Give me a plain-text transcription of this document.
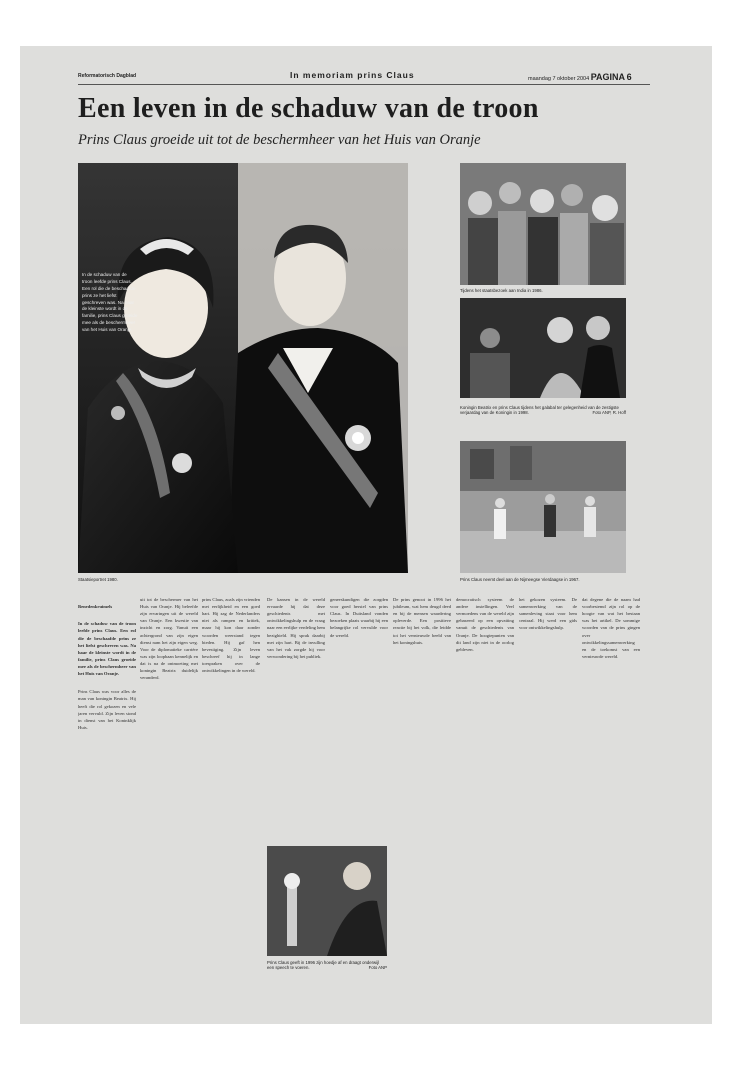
Reformatorisch Dagblad	In memoriam prins Claus	maandag 7 oktober 2004 PAGINA 6
Een leven in de schaduw van de troon
Prins Claus groeide uit tot de beschermheer van het Huis van Oranje
In de schaduw van de troon leefde prins Claus. Een rol die de beschaafde prins ze het liefst geschreven was. Na haar de kleinste wordt in de familie, prins Claus groeide mee als de beschermheer van het Huis van Oranje.
Staatsieportret 1980.
Tijdens het staatsbezoek aan India in 1986.
Koningin Beatrix en prins Claus tijdens het galabal ter gelegenheid van de zestigste verjaardag van de Koningin in 1998.	Foto ANP, R. Hoff
Prins Claus neemt deel aan de Nijmeegse Vierdaagse in 1967.
Prins Claus geeft in 1996 zijn hoedje af en draagt onderwijl een speech te voeren.	Foto ANP

Benedenkruimels

In de schaduw van de troon leefde prins Claus. Een rol die de beschaafde prins ze het liefst geschreven was. Na haar de kleinste wordt in de familie, prins Claus groeide mee als de beschermheer van het Huis van Oranje.

Prins Claus was voor alles de man van koningin Beatrix. Hij heeft die rol gekozen en vele jaren vervuld. Zijn leven stond in dienst van het Koninklijk Huis.

uit tot de beschermer van het Huis van Oranje. Hij beleefde zijn ervaringen uit de wereld van Oranje. Een kwestie van inzicht en zorg. Vanuit een achtergrond van zijn eigen dienst nam het zijn eigen weg. Voor de diplomatieke carrière was zijn loopbaan kennelijk en dat is na de ontmoeting met koningin Beatrix duidelijk veranderd.
prins Claus, zoals zijn vrienden met eerlijkheid en een goed hart. Hij zag de Nederlanders niet als rampen en kritiek, maar hij kon daar zonder woorden weerstand tegen bieden. Hij gaf hen bevestiging. Zijn leven beschreef hij in lange toespraken over de ontwikkelingen in de wereld.
De kansen in de wereld ervaarde hij dat deze geschiedenis met ontwikkelingshulp en de vraag naar een eerlijke verdeling hem bezighield. Hij sprak daarbij met zijn hart. Bij de invulling van het vak zorgde hij voor verwondering bij het publiek.
geneeskundigen die zorgden voor goed herstel van prins Claus. In Duitsland vonden bezoeken plaats waarbij hij een belangrijke rol vervulde voor de wereld.
De prins genoot in 1996 het jubileum, wat hem deugd deed en bij de mensen waardering opleverde. Een positieve reactie bij het volk, die leidde tot het vernieuwde beeld van het koningshuis.
democratisch systeem de andere instellingen. Veel vermoedens van de wereld zijn gebaseerd op een opvatting vanuit de geschiedenis van Oranje. De hoogtepunten van dit land zijn niet in de oorlog gebleven.
het gekozen systeem. De samenwerking van de samenleving staat voor hem centraal. Hij werd een gids voor ontwikkelingshulp.
dat degene die de naam had voorbestemd zijn rol op de hoogte van wat het bestaan was het artikel. De sommige woorden van de prins gingen over ontwikkelingssamenwerking en de toekomst van een vernieuwde wereld.
